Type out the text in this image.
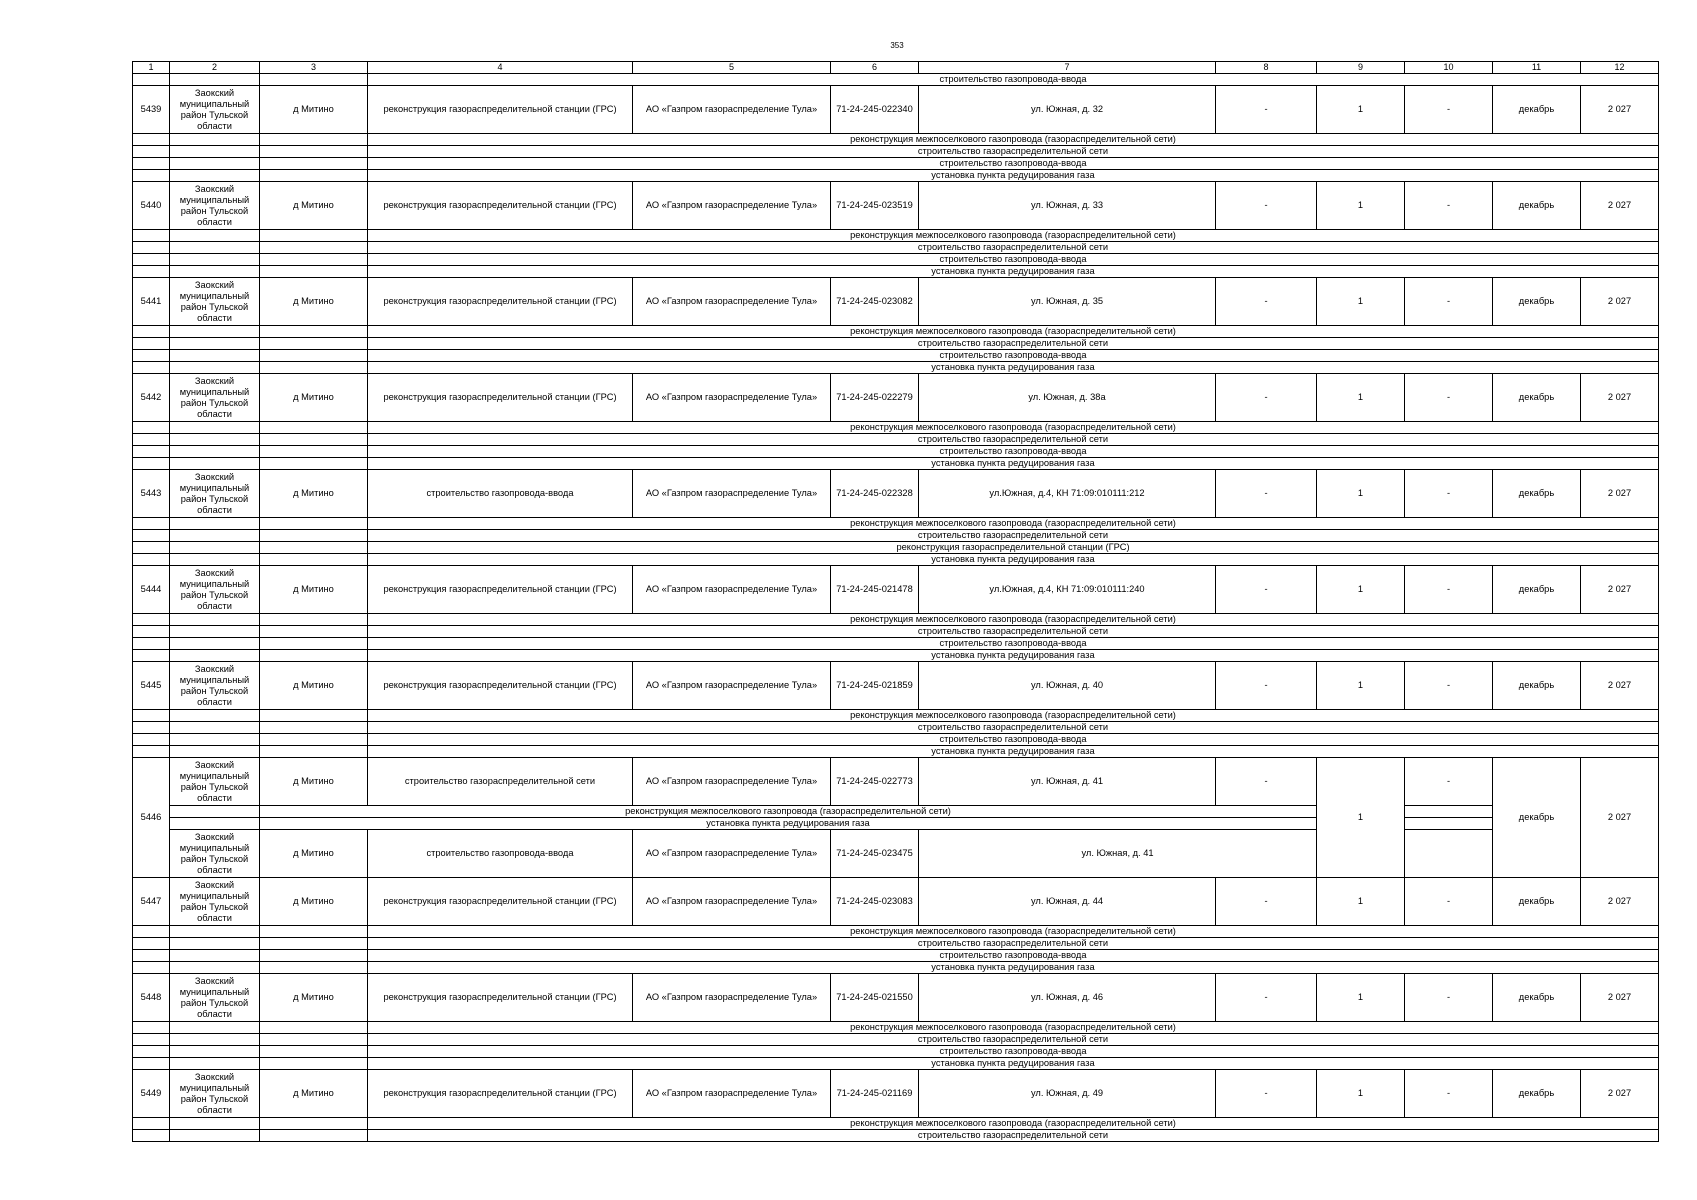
353
1	2	3	4	5	6	7	8	9	10	11	12
			строительство газопровода-ввода								
5439	Заокский муниципальный район Тульской области	д Митино	реконструкция газораспределительной станции (ГРС)	АО «Газпром газораспределение Тула»	71-24-245-022340	ул. Южная, д. 32	-	1	-	декабрь	2 027
			реконструкция межпоселкового газопровода (газораспределительной сети)								
			строительство газораспределительной сети								
			строительство газопровода-ввода								
			установка пункта редуцирования газа								
5440	Заокский муниципальный район Тульской области	д Митино	реконструкция газораспределительной станции (ГРС)	АО «Газпром газораспределение Тула»	71-24-245-023519	ул. Южная, д. 33	-	1	-	декабрь	2 027
			реконструкция межпоселкового газопровода (газораспределительной сети)								
			строительство газораспределительной сети								
			строительство газопровода-ввода								
			установка пункта редуцирования газа								
5441	Заокский муниципальный район Тульской области	д Митино	реконструкция газораспределительной станции (ГРС)	АО «Газпром газораспределение Тула»	71-24-245-023082	ул. Южная, д. 35	-	1	-	декабрь	2 027
			реконструкция межпоселкового газопровода (газораспределительной сети)								
			строительство газораспределительной сети								
			строительство газопровода-ввода								
			установка пункта редуцирования газа								
5442	Заокский муниципальный район Тульской области	д Митино	реконструкция газораспределительной станции (ГРС)	АО «Газпром газораспределение Тула»	71-24-245-022279	ул. Южная, д. 38а	-	1	-	декабрь	2 027
			реконструкция межпоселкового газопровода (газораспределительной сети)								
			строительство газораспределительной сети								
			строительство газопровода-ввода								
			установка пункта редуцирования газа								
5443	Заокский муниципальный район Тульской области	д Митино	строительство газопровода-ввода	АО «Газпром газораспределение Тула»	71-24-245-022328	ул.Южная, д.4, КН 71:09:010111:212	-	1	-	декабрь	2 027
			реконструкция межпоселкового газопровода (газораспределительной сети)								
			строительство газораспределительной сети								
			реконструкция газораспределительной станции (ГРС)								
			установка пункта редуцирования газа								
5444	Заокский муниципальный район Тульской области	д Митино	реконструкция газораспределительной станции (ГРС)	АО «Газпром газораспределение Тула»	71-24-245-021478	ул.Южная, д.4, КН 71:09:010111:240	-	1	-	декабрь	2 027
			реконструкция межпоселкового газопровода (газораспределительной сети)								
			строительство газораспределительной сети								
			строительство газопровода-ввода								
			установка пункта редуцирования газа								
5445	Заокский муниципальный район Тульской области	д Митино	реконструкция газораспределительной станции (ГРС)	АО «Газпром газораспределение Тула»	71-24-245-021859	ул. Южная, д. 40	-	1	-	декабрь	2 027
			реконструкция межпоселкового газопровода (газораспределительной сети)								
			строительство газораспределительной сети								
			строительство газопровода-ввода								
			установка пункта редуцирования газа								
5446	Заокский муниципальный район Тульской области	д Митино	строительство газораспределительной сети	АО «Газпром газораспределение Тула»	71-24-245-022773	ул. Южная, д. 41	-	1	-	декабрь	2 027
		реконструкция межпоселкового газопровода (газораспределительной сети)									
		установка пункта редуцирования газа									
	Заокский муниципальный район Тульской области	д Митино	строительство газопровода-ввода	АО «Газпром газораспределение Тула»	71-24-245-023475	ул. Южная, д. 41					
5447	Заокский муниципальный район Тульской области	д Митино	реконструкция газораспределительной станции (ГРС)	АО «Газпром газораспределение Тула»	71-24-245-023083	ул. Южная, д. 44	-	1	-	декабрь	2 027
			реконструкция межпоселкового газопровода (газораспределительной сети)								
			строительство газораспределительной сети								
			строительство газопровода-ввода								
			установка пункта редуцирования газа								
5448	Заокский муниципальный район Тульской области	д Митино	реконструкция газораспределительной станции (ГРС)	АО «Газпром газораспределение Тула»	71-24-245-021550	ул. Южная, д. 46	-	1	-	декабрь	2 027
			реконструкция межпоселкового газопровода (газораспределительной сети)								
			строительство газораспределительной сети								
			строительство газопровода-ввода								
			установка пункта редуцирования газа								
5449	Заокский муниципальный район Тульской области	д Митино	реконструкция газораспределительной станции (ГРС)	АО «Газпром газораспределение Тула»	71-24-245-021169	ул. Южная, д. 49	-	1	-	декабрь	2 027
			реконструкция межпоселкового газопровода (газораспределительной сети)								
			строительство газораспределительной сети								
